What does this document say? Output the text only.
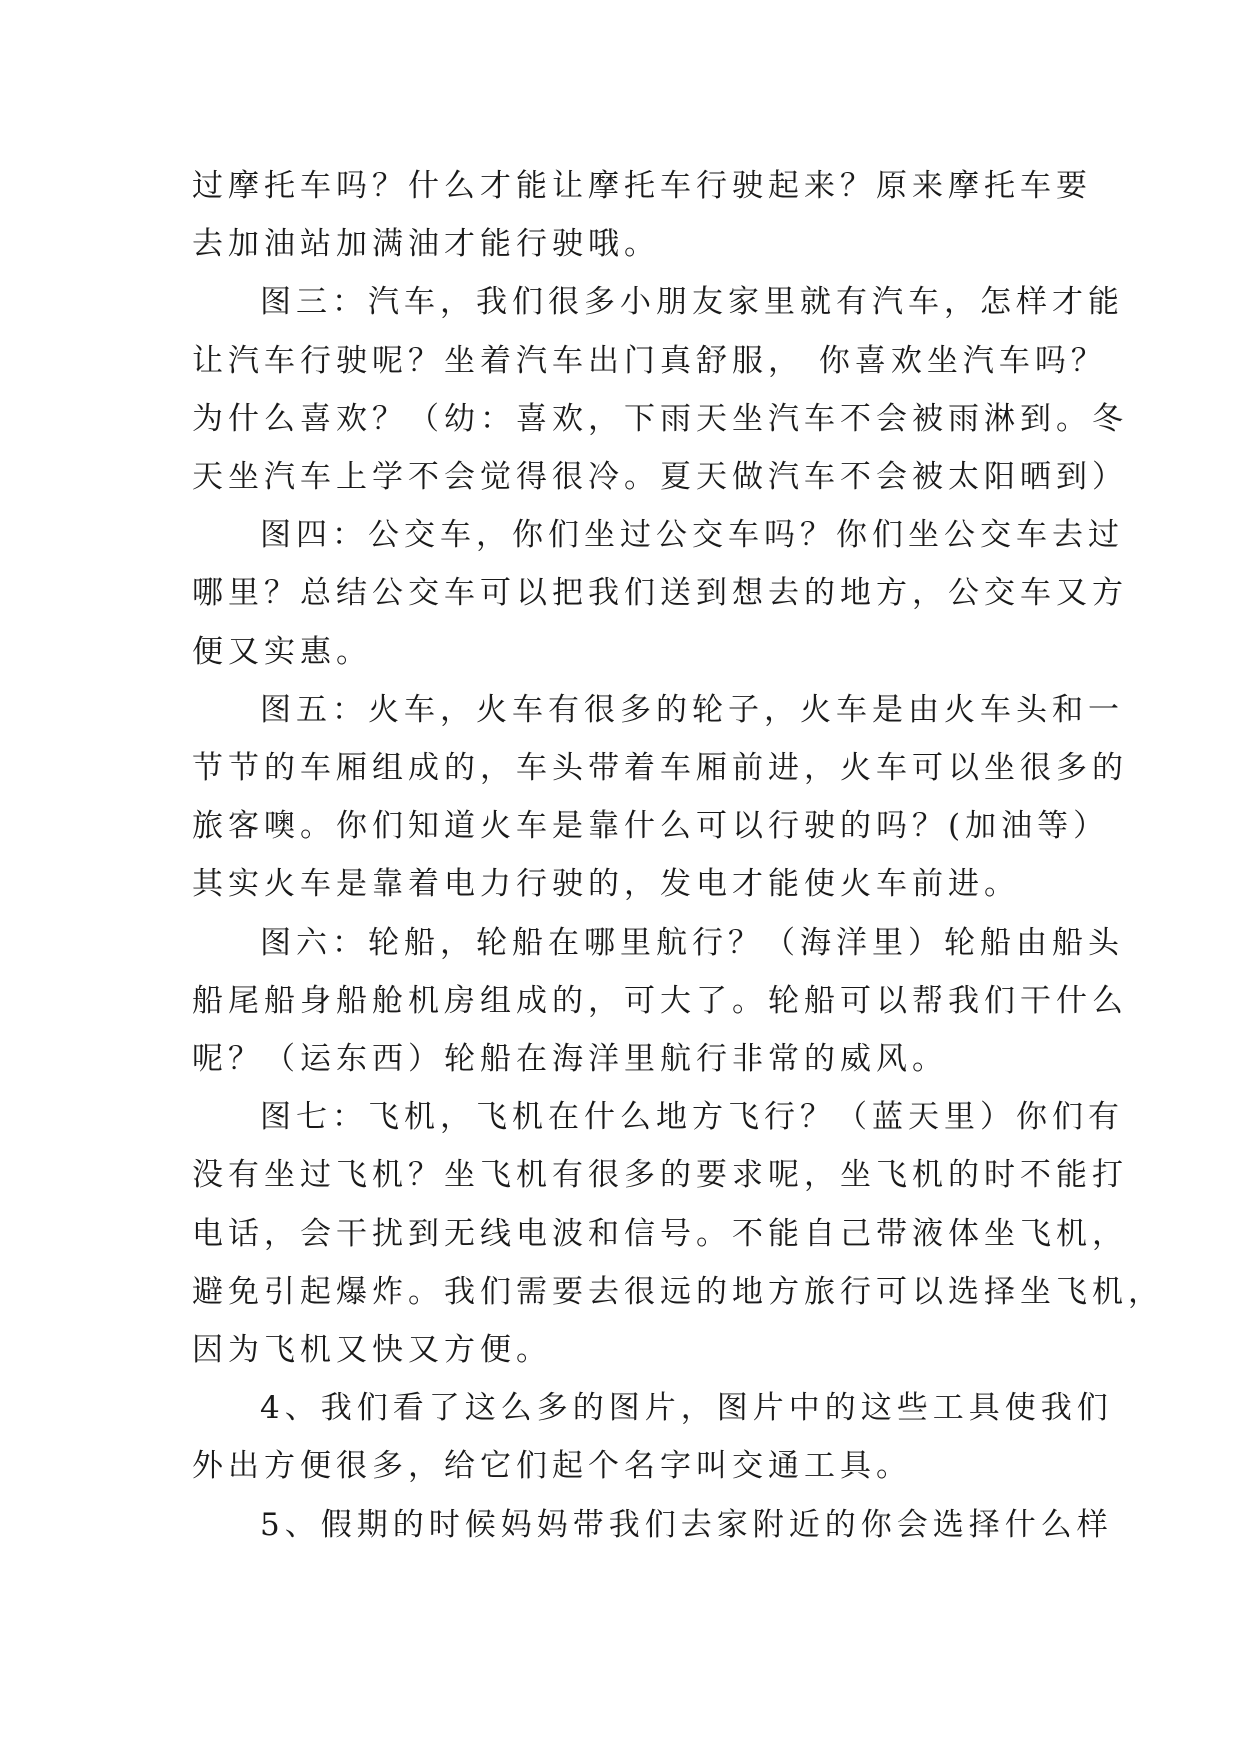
过摩托车吗？什么才能让摩托车行驶起来？原来摩托车要
去加油站加满油才能行驶哦。
图三：汽车，我们很多小朋友家里就有汽车，怎样才能
让汽车行驶呢？坐着汽车出门真舒服， 你喜欢坐汽车吗？
为什么喜欢？（幼：喜欢，下雨天坐汽车不会被雨淋到。冬
天坐汽车上学不会觉得很冷。夏天做汽车不会被太阳晒到）
图四：公交车，你们坐过公交车吗？你们坐公交车去过
哪里？总结公交车可以把我们送到想去的地方，公交车又方
便又实惠。
图五：火车，火车有很多的轮子，火车是由火车头和一
节节的车厢组成的，车头带着车厢前进，火车可以坐很多的
旅客噢。你们知道火车是靠什么可以行驶的吗？(加油等）
其实火车是靠着电力行驶的，发电才能使火车前进。
图六：轮船，轮船在哪里航行？（海洋里）轮船由船头
船尾船身船舱机房组成的，可大了。轮船可以帮我们干什么
呢？（运东西）轮船在海洋里航行非常的威风。
图七：飞机，飞机在什么地方飞行？（蓝天里）你们有
没有坐过飞机？坐飞机有很多的要求呢，坐飞机的时不能打
电话，会干扰到无线电波和信号。不能自己带液体坐飞机，
避免引起爆炸。我们需要去很远的地方旅行可以选择坐飞机，
因为飞机又快又方便。
4、我们看了这么多的图片，图片中的这些工具使我们
外出方便很多，给它们起个名字叫交通工具。
5、假期的时候妈妈带我们去家附近的你会选择什么样
